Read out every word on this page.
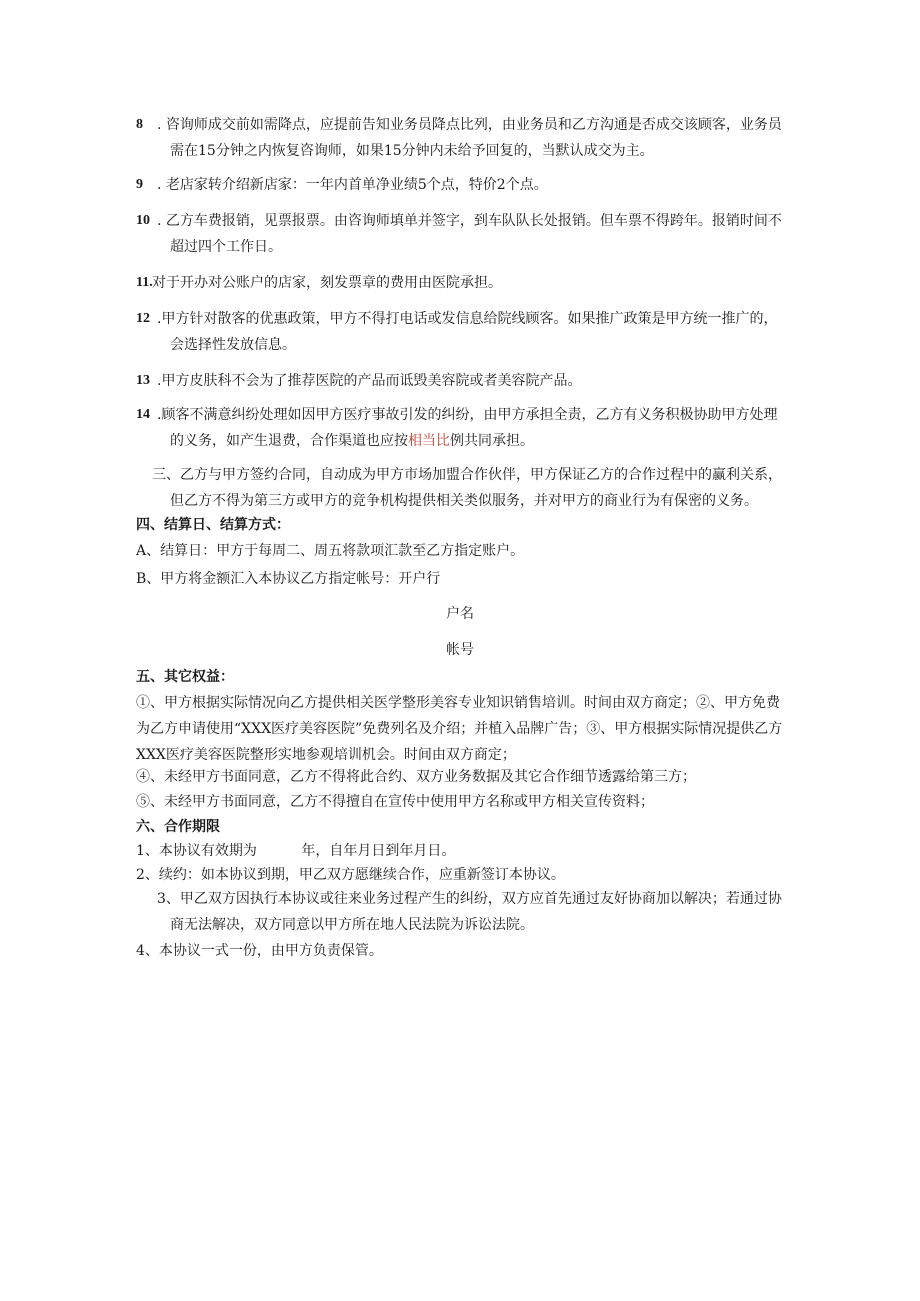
8	. 咨询师成交前如需降点，应提前告知业务员降点比列，由业务员和乙方沟通是否成交该顾客，业务员需在15分钟之内恢复咨询师，如果15分钟内未给予回复的，当默认成交为主。
9	. 老店家转介绍新店家：一年内首单净业绩5个点，特价2个点。
10 . 乙方车费报销，见票报票。由咨询师填单并签字，到车队队长处报销。但车票不得跨年。报销时间不超过四个工作日。
11. 对于开办对公账户的店家，刻发票章的费用由医院承担。
12 .甲方针对散客的优惠政策，甲方不得打电话或发信息给院线顾客。如果推广政策是甲方统一推广的，会选择性发放信息。
13 .甲方皮肤科不会为了推荐医院的产品而诋毁美容院或者美容院产品。
14 .顾客不满意纠纷处理如因甲方医疗事故引发的纠纷，由甲方承担全责，乙方有义务积极协助甲方处理的义务，如产生退费，合作渠道也应按相当比例共同承担。
三、乙方与甲方签约合同，自动成为甲方市场加盟合作伙伴，甲方保证乙方的合作过程中的赢利关系，但乙方不得为第三方或甲方的竞争机构提供相关类似服务，并对甲方的商业行为有保密的义务。
四、结算日、结算方式：
A、结算日：甲方于每周二、周五将款项汇款至乙方指定账户。
B、甲方将金额汇入本协议乙方指定帐号：开户行
户名
帐号
五、其它权益：
①、甲方根据实际情况向乙方提供相关医学整形美容专业知识销售培训。时间由双方商定；②、甲方免费为乙方申请使用“XXX医疗美容医院”免费列名及介绍；并植入品牌广告；③、甲方根据实际情况提供乙方XXX医疗美容医院整形实地参观培训机会。时间由双方商定；
④、未经甲方书面同意，乙方不得将此合约、双方业务数据及其它合作细节透露给第三方；
⑤、未经甲方书面同意，乙方不得擅自在宣传中使用甲方名称或甲方相关宣传资料；
六、合作期限
1、本协议有效期为          年，自年月日到年月日。
2、续约：如本协议到期，甲乙双方愿继续合作，应重新签订本协议。
3、甲乙双方因执行本协议或往来业务过程产生的纠纷，双方应首先通过友好协商加以解决；若通过协商无法解决，双方同意以甲方所在地人民法院为诉讼法院。
4、本协议一式一份，由甲方负责保管。
